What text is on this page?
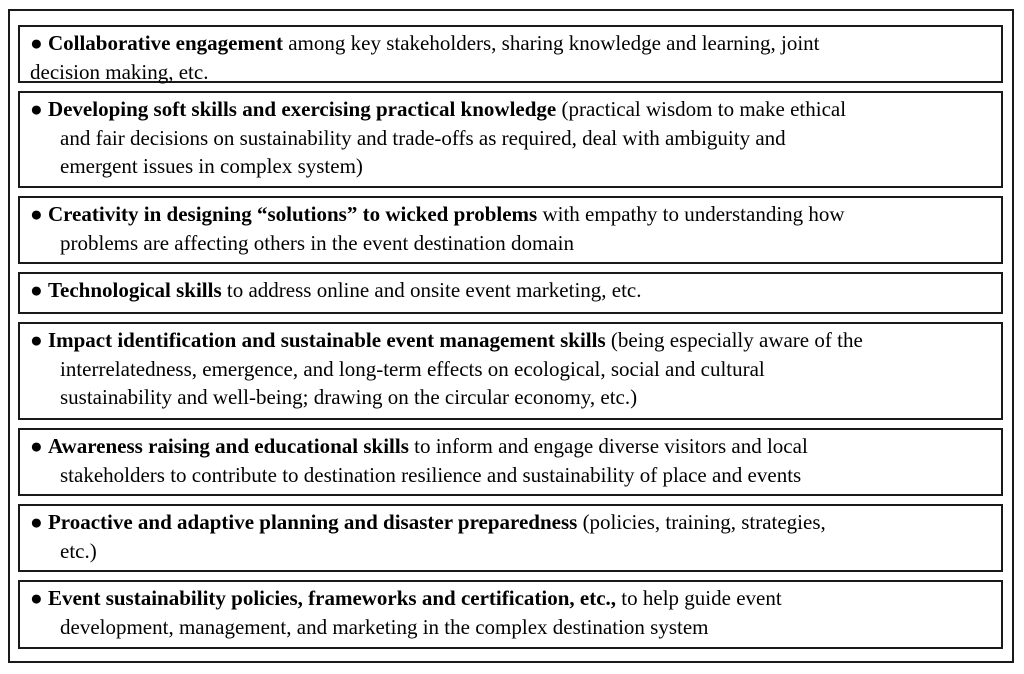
● Collaborative engagement among key stakeholders, sharing knowledge and learning, joint
decision making, etc.
● Developing soft skills and exercising practical knowledge (practical wisdom to make ethical
and fair decisions on sustainability and trade-offs as required, deal with ambiguity and
emergent issues in complex system)
● Creativity in designing “solutions” to wicked problems with empathy to understanding how
problems are affecting others in the event destination domain
● Technological skills to address online and onsite event marketing, etc.
● Impact identification and sustainable event management skills (being especially aware of the
interrelatedness, emergence, and long-term effects on ecological, social and cultural
sustainability and well-being; drawing on the circular economy, etc.)
● Awareness raising and educational skills to inform and engage diverse visitors and local
stakeholders to contribute to destination resilience and sustainability of place and events
● Proactive and adaptive planning and disaster preparedness (policies, training, strategies,
etc.)
● Event sustainability policies, frameworks and certification, etc., to help guide event
development, management, and marketing in the complex destination system
